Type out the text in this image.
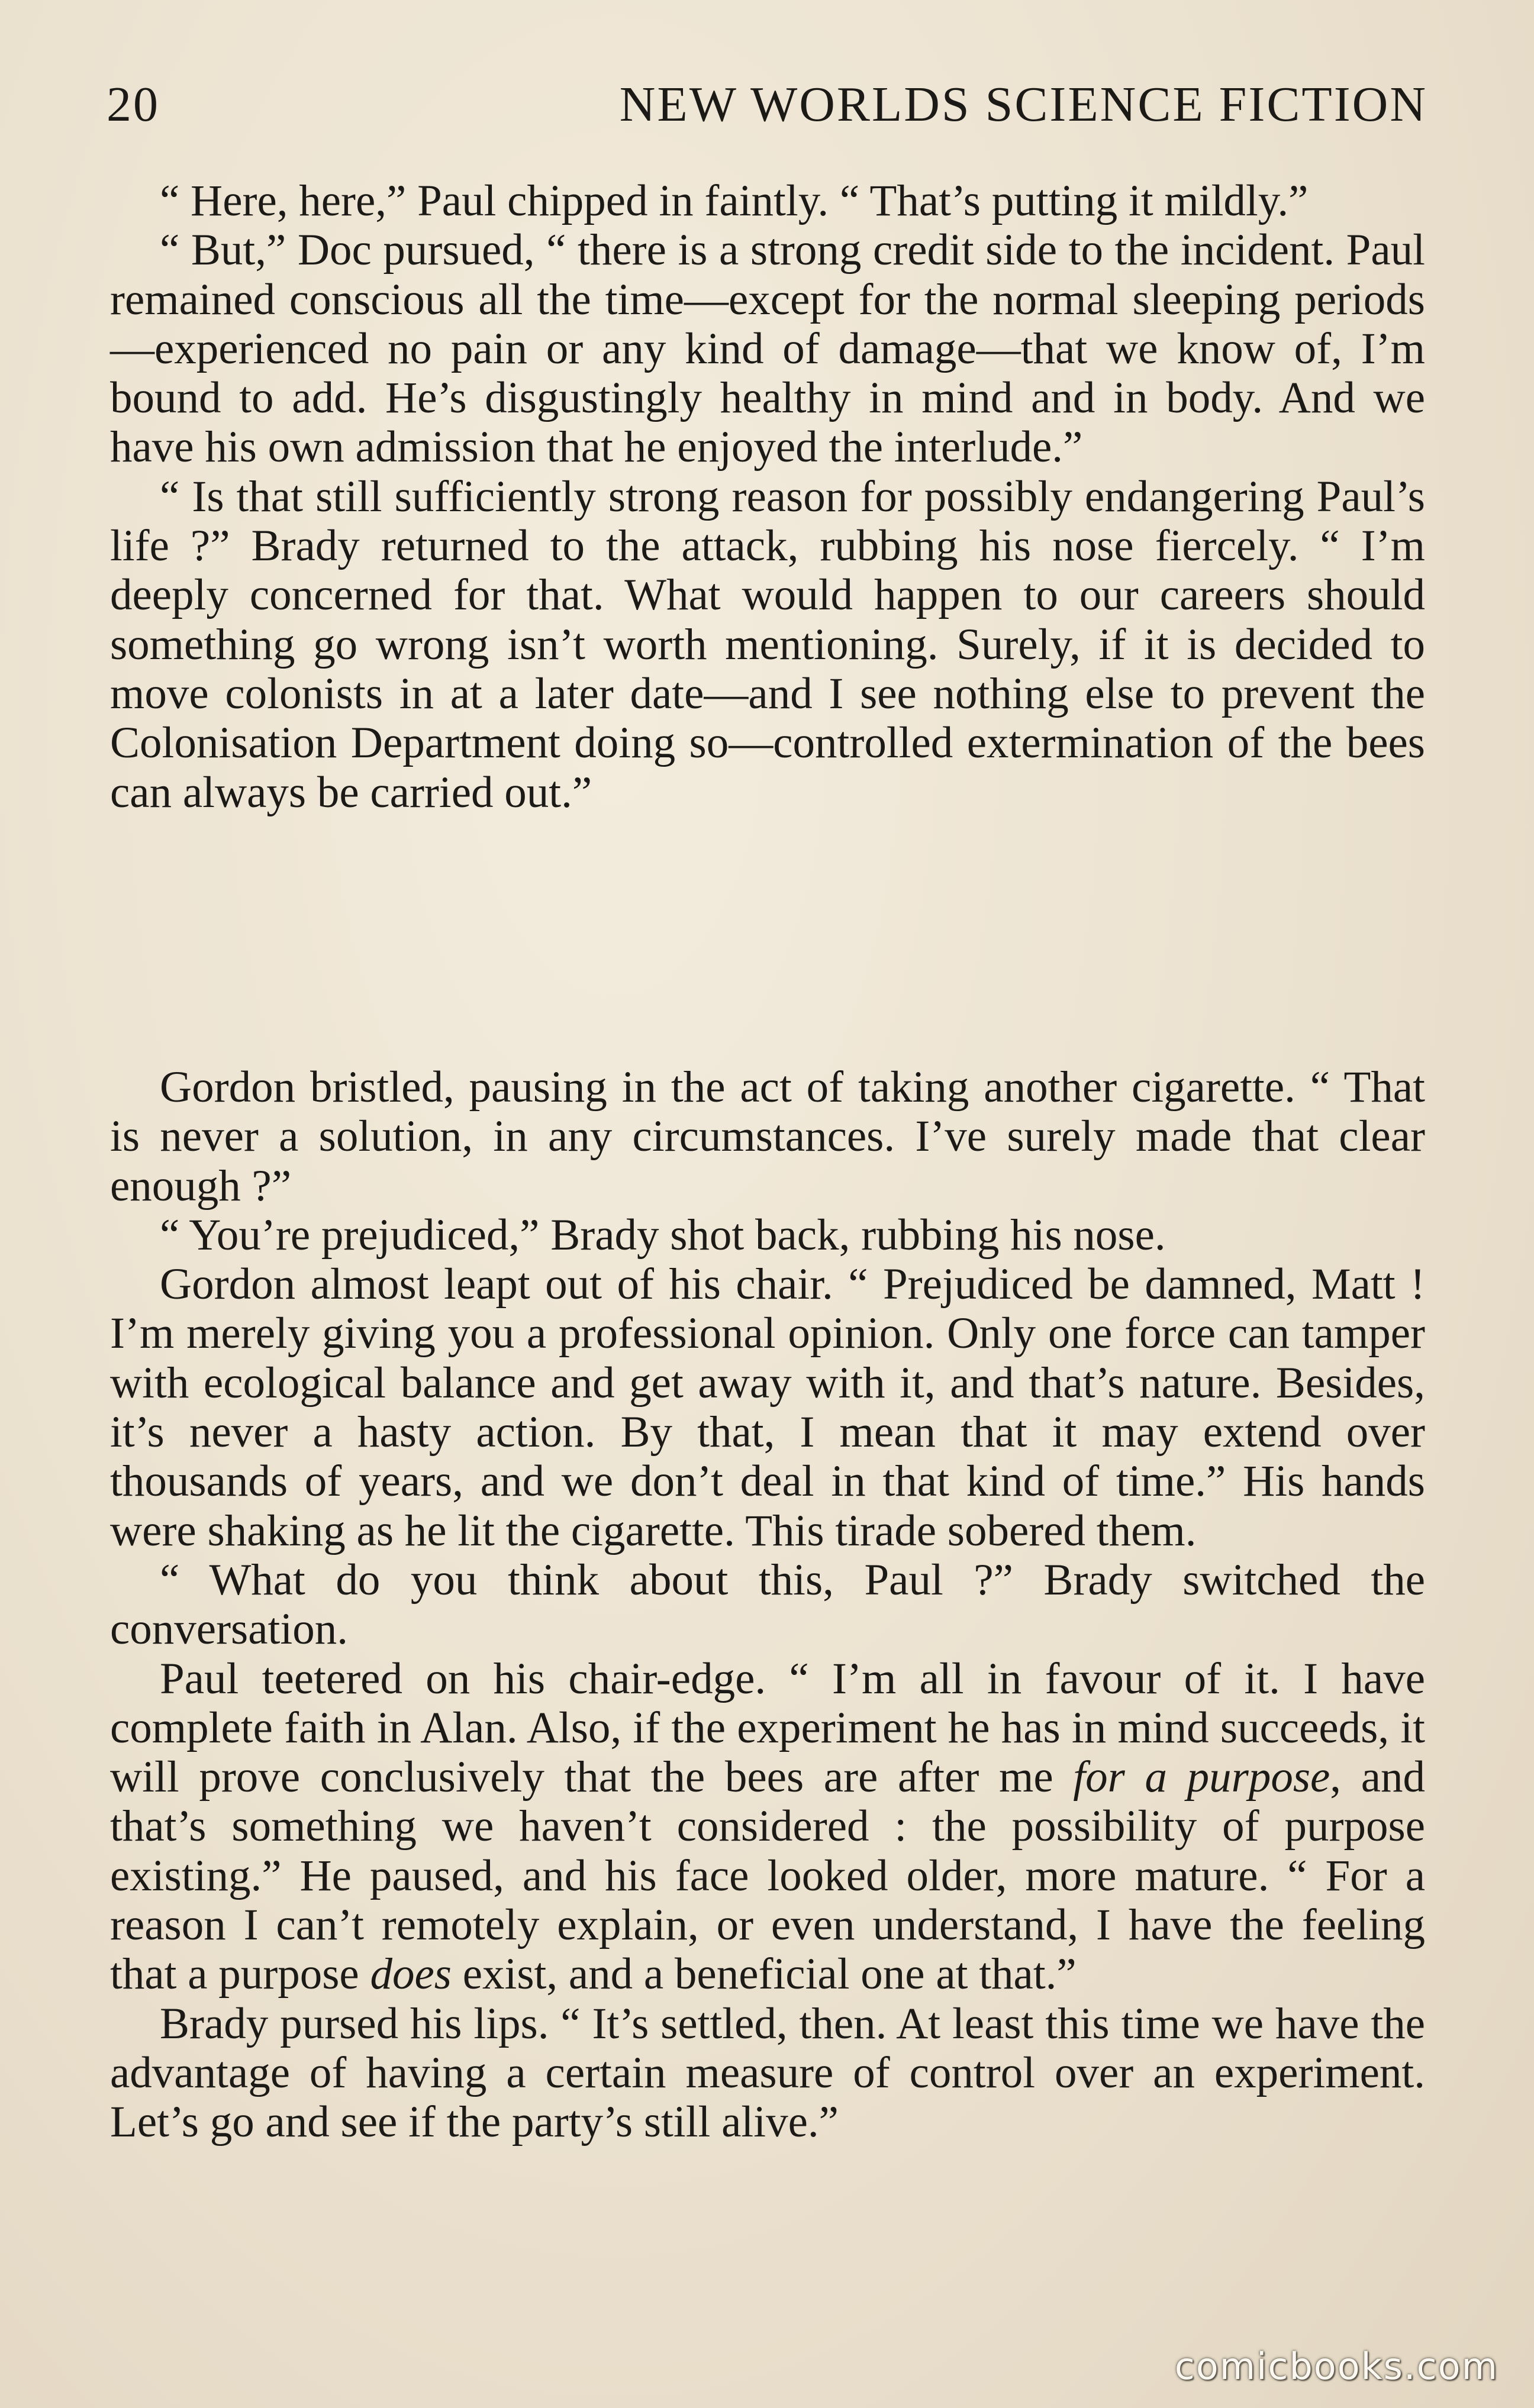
20	NEW WORLDS SCIENCE FICTION

“ Here, here,” Paul chipped in faintly. “ That’s putting it mildly.”

“ But,” Doc pursued, “ there is a strong credit side to the incident. Paul remained conscious all the time—except for the normal sleeping periods—experienced no pain or any kind of damage—that we know of, I’m bound to add. He’s disgustingly healthy in mind and in body. And we have his own admission that he enjoyed the interlude.”

“ Is that still sufficiently strong reason for possibly endangering Paul’s life ?” Brady returned to the attack, rubbing his nose fiercely. “ I’m deeply concerned for that. What would happen to our careers should something go wrong isn’t worth mentioning. Surely, if it is decided to move colonists in at a later date—and I see nothing else to prevent the Colonisation Department doing so—controlled extermination of the bees can always be carried out.”

Gordon bristled, pausing in the act of taking another cigarette. “ That is never a solution, in any circumstances. I’ve surely made that clear enough ?”

“ You’re prejudiced,” Brady shot back, rubbing his nose.

Gordon almost leapt out of his chair. “ Prejudiced be damned, Matt ! I’m merely giving you a professional opinion. Only one force can tamper with ecological balance and get away with it, and that’s nature. Besides, it’s never a hasty action. By that, I mean that it may extend over thousands of years, and we don’t deal in that kind of time.” His hands were shaking as he lit the cigarette. This tirade sobered them.

“ What do you think about this, Paul ?” Brady switched the conversation.

Paul teetered on his chair-edge. “ I’m all in favour of it. I have complete faith in Alan. Also, if the experiment he has in mind succeeds, it will prove conclusively that the bees are after me for a purpose, and that’s something we haven’t considered : the possibility of purpose existing.” He paused, and his face looked older, more mature. “ For a reason I can’t remotely explain, or even understand, I have the feeling that a purpose does exist, and a beneficial one at that.”

Brady pursed his lips. “ It’s settled, then. At least this time we have the advantage of having a certain measure of control over an experiment. Let’s go and see if the party’s still alive.”

comicbooks.com
